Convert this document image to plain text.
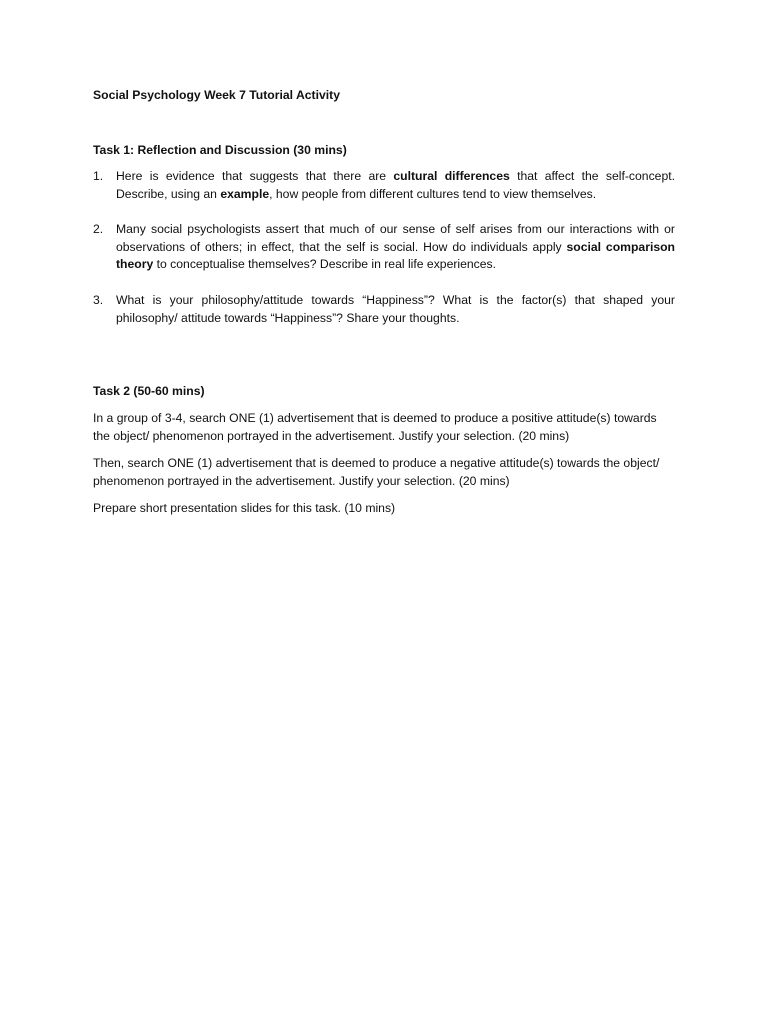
Social Psychology Week 7 Tutorial Activity

Task 1: Reflection and Discussion (30 mins)

1. Here is evidence that suggests that there are cultural differences that affect the self-concept. Describe, using an example, how people from different cultures tend to view themselves.
2. Many social psychologists assert that much of our sense of self arises from our interactions with or observations of others; in effect, that the self is social. How do individuals apply social comparison theory to conceptualise themselves? Describe in real life experiences.
3. What is your philosophy/attitude towards “Happiness”? What is the factor(s) that shaped your philosophy/ attitude towards “Happiness”? Share your thoughts.

Task 2 (50-60 mins)

In a group of 3-4, search ONE (1) advertisement that is deemed to produce a positive attitude(s) towards the object/ phenomenon portrayed in the advertisement. Justify your selection. (20 mins)

Then, search ONE (1) advertisement that is deemed to produce a negative attitude(s) towards the object/ phenomenon portrayed in the advertisement. Justify your selection. (20 mins)

Prepare short presentation slides for this task. (10 mins)
